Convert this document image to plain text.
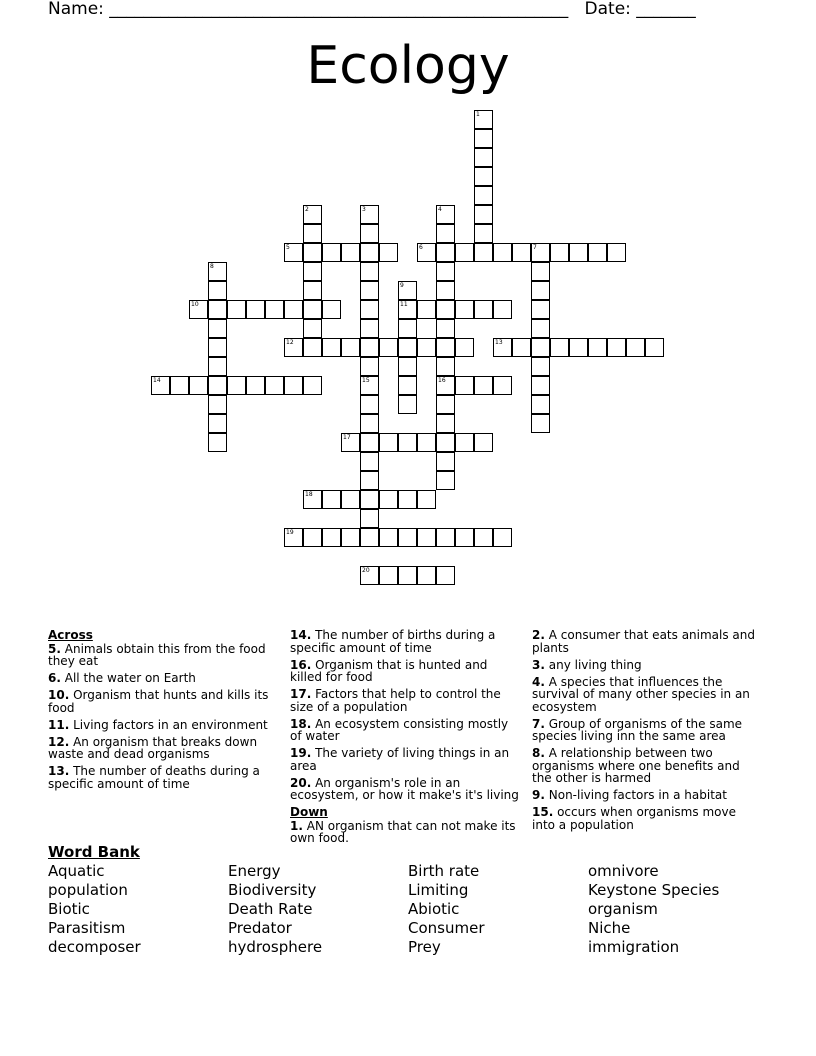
Name: ______________________________________________________ Date: _______
Ecology
1
2	3	4
5	6	7
8
9
10	11
12	13
14	15	16
17
18
19
20
Across
5. Animals obtain this from the food they eat
6. All the water on Earth
10. Organism that hunts and kills its food
11. Living factors in an environment
12. An organism that breaks down waste and dead organisms
13. The number of deaths during a specific amount of time
14. The number of births during a specific amount of time
16. Organism that is hunted and killed for food
17. Factors that help to control the size of a population
18. An ecosystem consisting mostly of water
19. The variety of living things in an area
20. An organism's role in an ecosystem, or how it make's it's living
Down
1. AN organism that can not make its own food.
2. A consumer that eats animals and plants
3. any living thing
4. A species that influences the survival of many other species in an ecosystem
7. Group of organisms of the same species living inn the same area
8. A relationship between two organisms where one benefits and the other is harmed
9. Non-living factors in a habitat
15. occurs when organisms move into a population
Word Bank
Aquatic
population
Biotic
Parasitism
decomposer
Energy
Biodiversity
Death Rate
Predator
hydrosphere
Birth rate
Limiting
Abiotic
Consumer
Prey
omnivore
Keystone Species
organism
Niche
immigration
